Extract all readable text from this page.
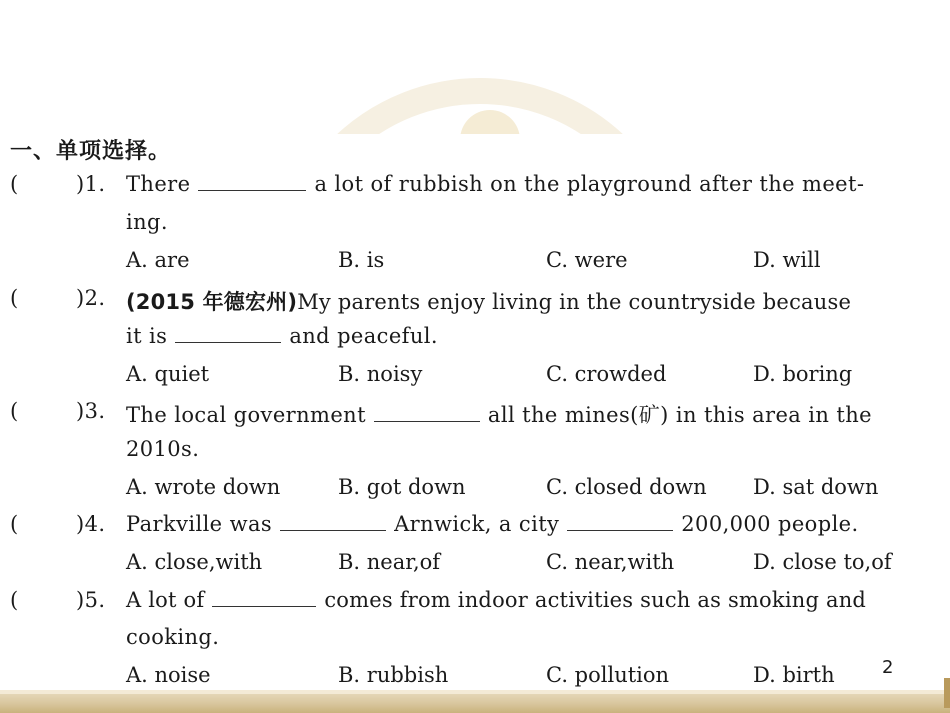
一、单项选择。
(	)1. There	a lot of rubbish on the playground after the meet-
ing.
A. are	B. is	C. were	D. will
(	)2. (2015 年德宏州)My parents enjoy living in the countryside because
it is	and peaceful.
A. quiet	B. noisy	C. crowded	D. boring
(	)3. The local government	all the mines(矿) in this area in the
2010s.
A. wrote down	B. got down	C. closed down D. sat down
(	)4. Parkville was	Arnwick, a city	200,000 people.
A. close,with	B. near,of	C. near,with	D. close to,of
(	)5. A lot of	comes from indoor activities such as smoking and
cooking.
A. noise	B. rubbish	C. pollution	D. birth	2
